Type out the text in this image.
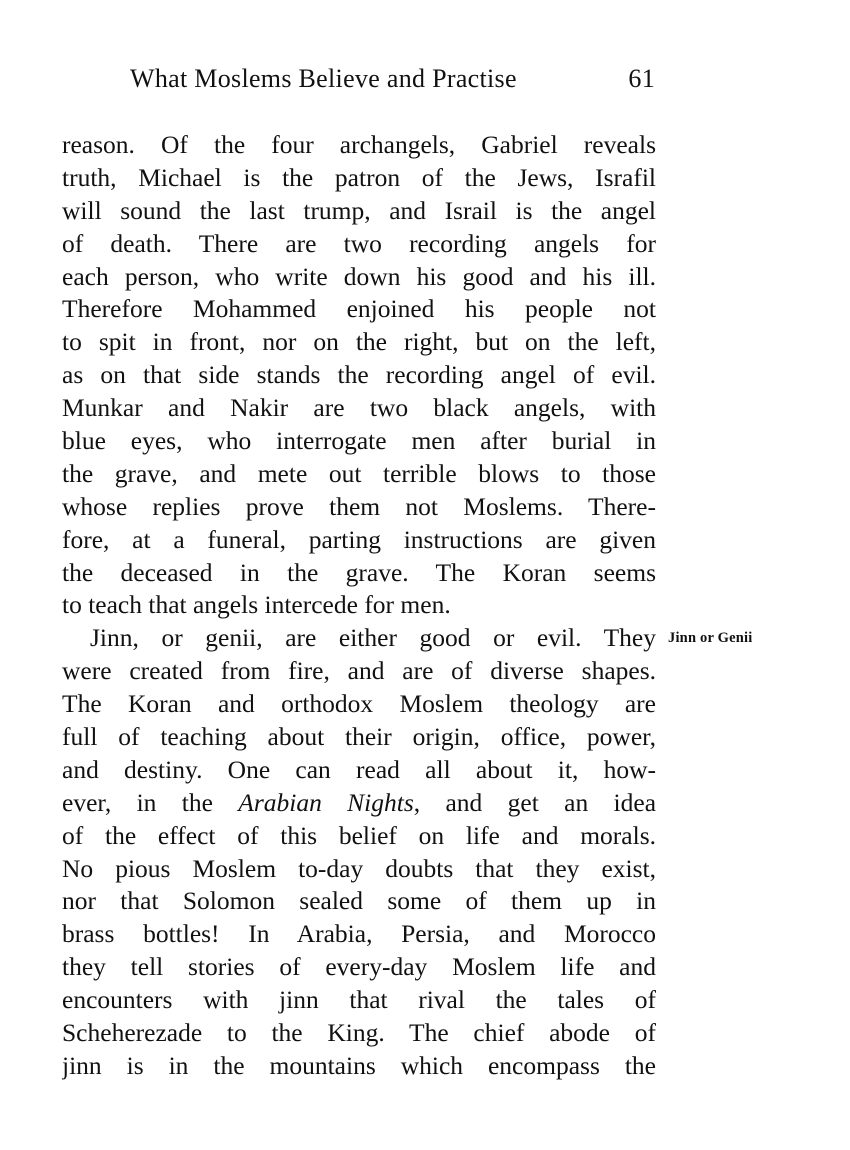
What Moslems Believe and Practise	61
Jinn or Genii
reason. Of the four archangels, Gabriel reveals
truth, Michael is the patron of the Jews, Israfil
will sound the last trump, and Israil is the angel
of death. There are two recording angels for
each person, who write down his good and his ill.
Therefore Mohammed enjoined his people not
to spit in front, nor on the right, but on the left,
as on that side stands the recording angel of evil.
Munkar and Nakir are two black angels, with
blue eyes, who interrogate men after burial in
the grave, and mete out terrible blows to those
whose replies prove them not Moslems. There-
fore, at a funeral, parting instructions are given
the deceased in the grave. The Koran seems
to teach that angels intercede for men.
Jinn, or genii, are either good or evil. They
were created from fire, and are of diverse shapes.
The Koran and orthodox Moslem theology are
full of teaching about their origin, office, power,
and destiny. One can read all about it, how-
ever, in the Arabian Nights, and get an idea
of the effect of this belief on life and morals.
No pious Moslem to-day doubts that they exist,
nor that Solomon sealed some of them up in
brass bottles! In Arabia, Persia, and Morocco
they tell stories of every-day Moslem life and
encounters with jinn that rival the tales of
Scheherezade to the King. The chief abode of
jinn is in the mountains which encompass the
